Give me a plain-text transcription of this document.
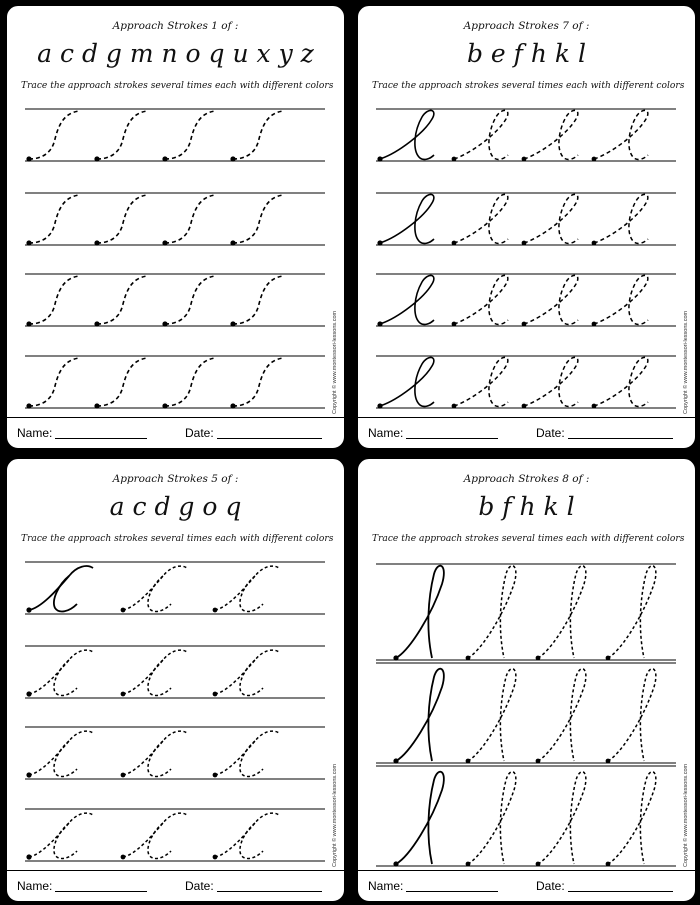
Approach Strokes 1 of :
a c d g m n o q u x y z
Trace the approach strokes several times each with different colors
Copyright © www.montessori-lessons.com
Name:	Date:
Approach Strokes 7 of :
b e f h k l
Trace the approach strokes several times each with different colors
Copyright © www.montessori-lessons.com
Name:	Date:
Approach Strokes 5 of :
a c d g o q
Trace the approach strokes several times each with different colors
Copyright © www.montessori-lessons.com
Name:	Date:
Approach Strokes 8 of :
b f h k l
Trace the approach strokes several times each with different colors
Copyright © www.montessori-lessons.com
Name:	Date:
